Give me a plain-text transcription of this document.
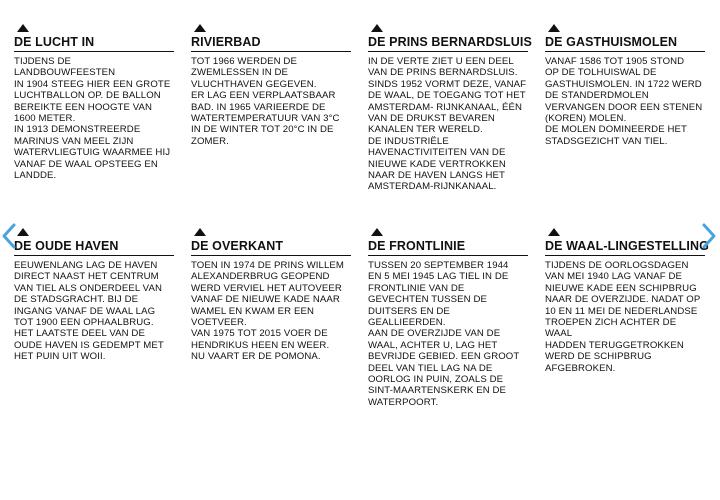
DE LUCHT IN
TIJDENS DE LANDBOUWFEESTEN
IN 1904 STEEG HIER EEN GROTE
LUCHTBALLON OP. DE BALLON
BEREIKTE EEN HOOGTE VAN
1600 METER.
IN 1913 DEMONSTREERDE
MARINUS VAN MEEL ZIJN
WATERVLIEGTUIG WAARMEE HIJ
VANAF DE WAAL OPSTEEG EN
LANDDE.
RIVIERBAD
TOT 1966 WERDEN DE
ZWEMLESSEN IN DE
VLUCHTHAVEN GEGEVEN.
ER LAG EEN VERPLAATSBAAR
BAD. IN 1965 VARIEERDE DE
WATERTEMPERATUUR VAN 3°C
IN DE WINTER TOT 20°C IN DE
ZOMER.
DE PRINS BERNARDSLUIS
IN DE VERTE ZIET U EEN DEEL
VAN DE PRINS BERNARDSLUIS.
SINDS 1952 VORMT DEZE, VANAF
DE WAAL, DE TOEGANG TOT HET
AMSTERDAM- RIJNKANAAL, ÉÉN
VAN DE DRUKST BEVAREN
KANALEN TER WERELD.
DE INDUSTRIËLE
HAVENACTIVITEITEN VAN DE
NIEUWE KADE VERTROKKEN
NAAR DE HAVEN LANGS HET
AMSTERDAM-RIJNKANAAL.
DE GASTHUISMOLEN
VANAF 1586 TOT 1905 STOND
OP DE TOLHUISWAL DE
GASTHUISMOLEN. IN 1722 WERD
DE STANDERDMOLEN
VERVANGEN DOOR EEN STENEN
(KOREN) MOLEN.
DE MOLEN DOMINEERDE HET
STADSGEZICHT VAN TIEL.
DE OUDE HAVEN
EEUWENLANG LAG DE HAVEN
DIRECT NAAST HET CENTRUM
VAN TIEL ALS ONDERDEEL VAN
DE STADSGRACHT. BIJ DE
INGANG VANAF DE WAAL LAG
TOT 1900 EEN OPHAALBRUG.
HET LAATSTE DEEL VAN DE
OUDE HAVEN IS GEDEMPT MET
HET PUIN UIT WOII.
DE OVERKANT
TOEN IN 1974 DE PRINS WILLEM
ALEXANDERBRUG GEOPEND
WERD VERVIEL HET AUTOVEER
VANAF DE NIEUWE KADE NAAR
WAMEL EN KWAM ER EEN
VOETVEER.
VAN 1975 TOT 2015 VOER DE
HENDRIKUS HEEN EN WEER.
NU VAART ER DE POMONA.
DE FRONTLINIE
TUSSEN 20 SEPTEMBER 1944
EN 5 MEI 1945 LAG TIEL IN DE
FRONTLINIE VAN DE
GEVECHTEN TUSSEN DE
DUITSERS EN DE GEALLIEERDEN.
AAN DE OVERZIJDE VAN DE
WAAL, ACHTER U, LAG HET
BEVRIJDE GEBIED. EEN GROOT
DEEL VAN TIEL LAG NA DE
OORLOG IN PUIN, ZOALS DE
SINT-MAARTENSKERK EN DE
WATERPOORT.
DE WAAL-LINGESTELLING
TIJDENS DE OORLOGSDAGEN
VAN MEI 1940 LAG VANAF DE
NIEUWE KADE EEN SCHIPBRUG
NAAR DE OVERZIJDE. NADAT OP
10 EN 11 MEI DE NEDERLANDSE
TROEPEN ZICH ACHTER DE WAAL
HADDEN TERUGGETROKKEN
WERD DE SCHIPBRUG
AFGEBROKEN.
